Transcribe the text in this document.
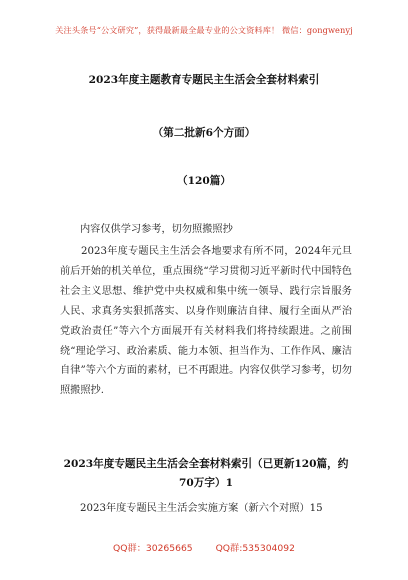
关注头条号“公文研究”，获得最新最全最专业的公文资料库！ 微信：gongwenyj
2023年度主题教育专题民主生活会全套材料索引
（第二批新6个方面）
（120篇）
内容仅供学习参考，切勿照搬照抄
2023年度专题民主生活会各地要求有所不同，2024年元旦前后开始的机关单位，重点围绕“学习贯彻习近平新时代中国特色社会主义思想、维护党中央权威和集中统一领导、践行宗旨服务人民、求真务实狠抓落实、以身作则廉洁自律、履行全面从严治党政治责任”等六个方面展开有关材料我们将持续跟进。之前围绕“理论学习、政治素质、能力本领、担当作为、工作作风、廉洁自律”等六个方面的素材，已不再跟进。内容仅供学习参考，切勿照搬照抄.
2023年度专题民主生活会全套材料索引（已更新120篇，约70万字）1
2023年度专题民主生活会实施方案（新六个对照）15
QQ群：30265665 QQ群:535304092
